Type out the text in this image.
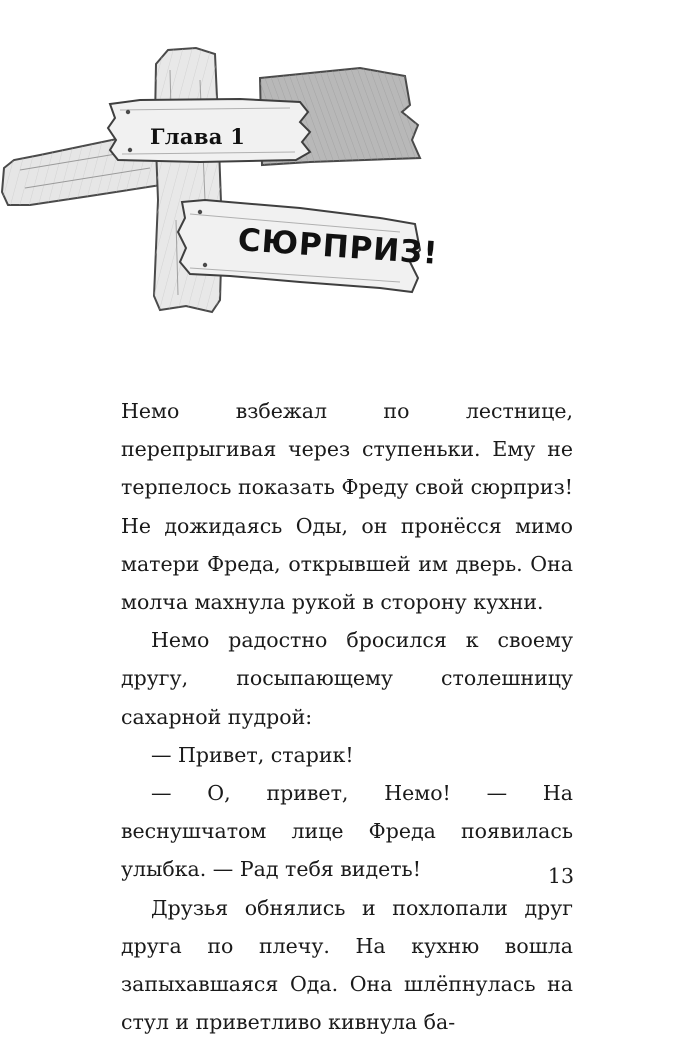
Глава 1
СЮРПРИЗ!

Немо взбежал по лестнице, перепрыгивая через ступеньки. Ему не терпелось показать Фреду свой сюрприз! Не дожидаясь Оды, он пронёсся мимо матери Фреда, открывшей им дверь. Она молча махнула рукой в сторону кухни.

Немо радостно бросился к своему другу, посыпающему столешницу сахарной пудрой:

— Привет, старик!

— О, привет, Немо! — На веснушчатом лице Фреда появилась улыбка. — Рад тебя видеть!

Друзья обнялись и похлопали друг друга по плечу. На кухню вошла запыхавшаяся Ода. Она шлёпнулась на стул и приветливо кивнула ба-

13
